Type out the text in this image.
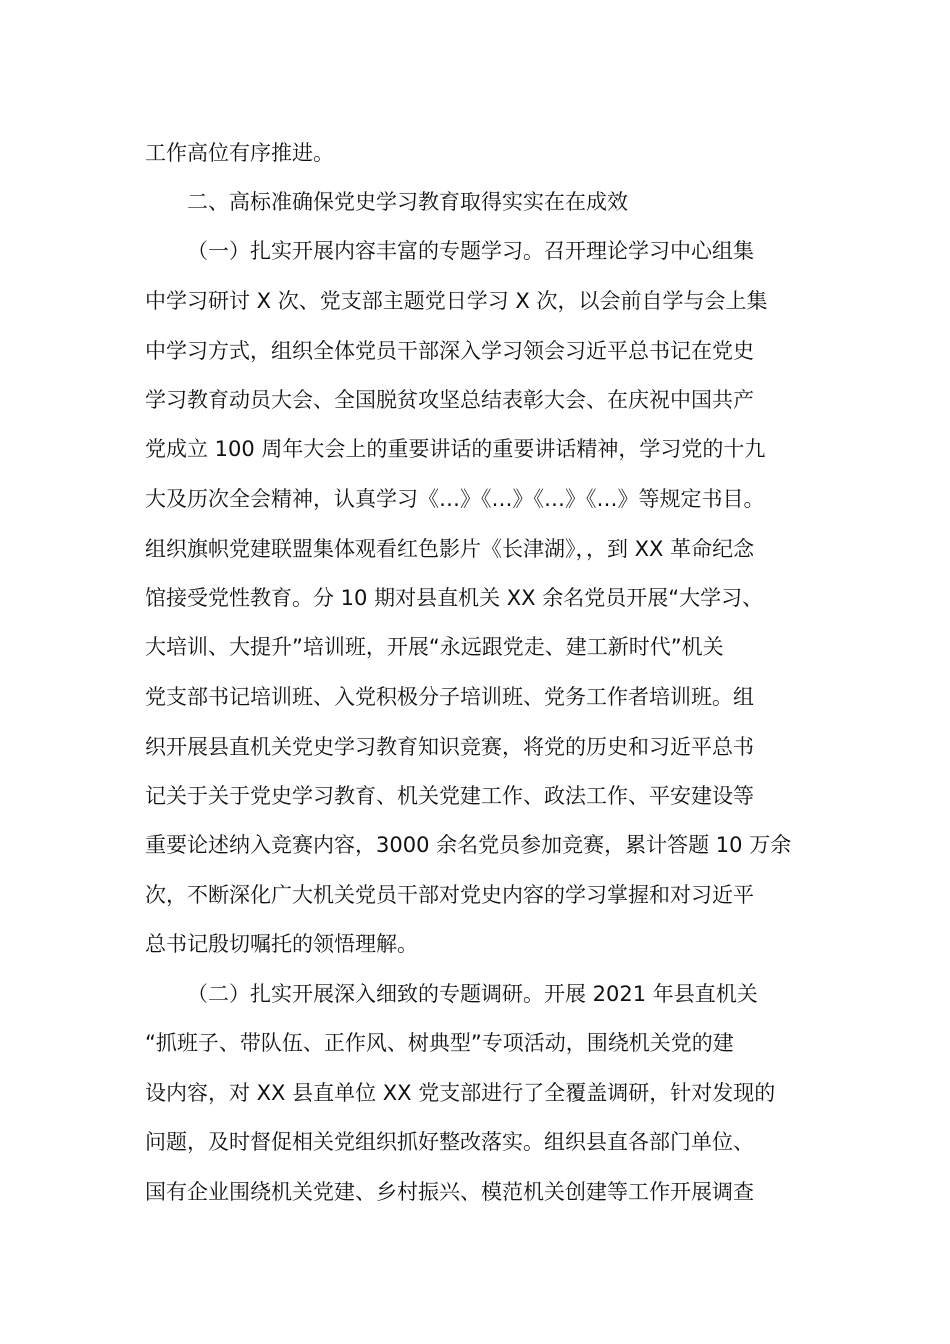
工作高位有序推进。

二、高标准确保党史学习教育取得实实在在成效

（一）扎实开展内容丰富的专题学习。召开理论学习中心组集

中学习研讨 X 次、党支部主题党日学习 X 次，以会前自学与会上集

中学习方式，组织全体党员干部深入学习领会习近平总书记在党史

学习教育动员大会、全国脱贫攻坚总结表彰大会、在庆祝中国共产

党成立 100 周年大会上的重要讲话的重要讲话精神，学习党的十九

大及历次全会精神，认真学习《…》《…》《…》《…》等规定书目。

组织旗帜党建联盟集体观看红色影片《长津湖》，，到 XX 革命纪念

馆接受党性教育。分 10 期对县直机关 XX 余名党员开展“大学习、

大培训、大提升”培训班，开展“永远跟党走、建工新时代”机关

党支部书记培训班、入党积极分子培训班、党务工作者培训班。组

织开展县直机关党史学习教育知识竞赛，将党的历史和习近平总书

记关于关于党史学习教育、机关党建工作、政法工作、平安建设等

重要论述纳入竞赛内容，3000 余名党员参加竞赛，累计答题 10 万余

次，不断深化广大机关党员干部对党史内容的学习掌握和对习近平

总书记殷切嘱托的领悟理解。

（二）扎实开展深入细致的专题调研。开展 2021 年县直机关

“抓班子、带队伍、正作风、树典型”专项活动，围绕机关党的建

设内容，对 XX 县直单位 XX 党支部进行了全覆盖调研，针对发现的

问题，及时督促相关党组织抓好整改落实。组织县直各部门单位、

国有企业围绕机关党建、乡村振兴、模范机关创建等工作开展调查
